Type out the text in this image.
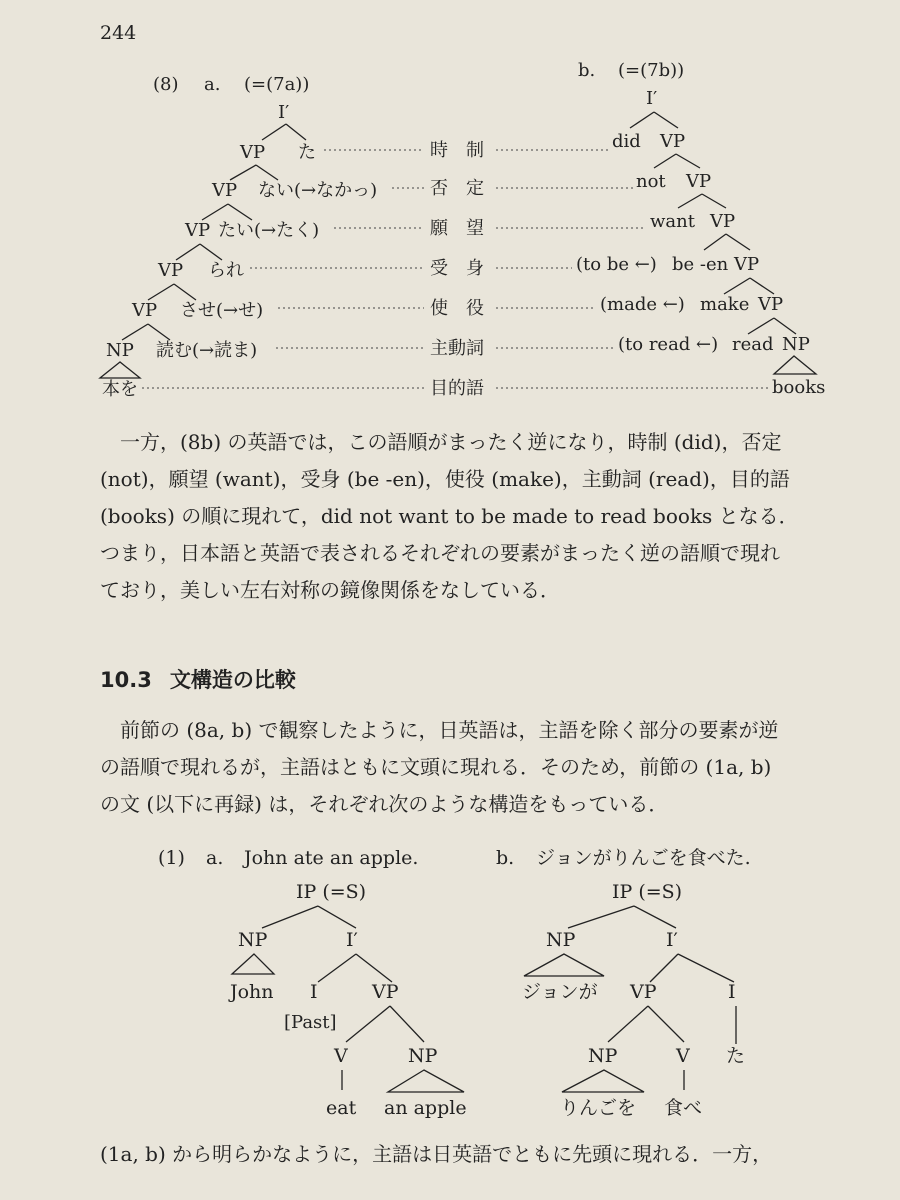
244
(8) a. (=(7a))
b. (=(7b))
I′
VP た
VP ない(→なかっ)
VP たい(→たく)
VP られ
VP させ(→せ)
NP 読む(→読ま)
本を
時　制
否　定
願　望
受　身
使　役
主動詞
目的語
I′
did VP
not VP
want VP
(to be ←) be -en VP
(made ←) make VP
(to read ←) read NP
books
(1) a. John ate an apple.	b. ジョンがりんごを食べた.
IP (=S)
NP	I′
John I	VP
[Past]
V	NP
eat an apple
IP (=S)
NP	I′
ジョンが VP	I
NP	V た
りんごを 食べ
一方，(8b) の英語では，この語順がまったく逆になり，時制 (did)，否定
(not)，願望 (want)，受身 (be -en)，使役 (make)，主動詞 (read)，目的語
(books) の順に現れて，did not want to be made to read books となる．
つまり，日本語と英語で表されるそれぞれの要素がまったく逆の語順で現れ
ており，美しい左右対称の鏡像関係をなしている．
10.3 文構造の比較
前節の (8a, b) で観察したように，日英語は，主語を除く部分の要素が逆
の語順で現れるが，主語はともに文頭に現れる．そのため，前節の (1a, b)
の文 (以下に再録) は，それぞれ次のような構造をもっている．
(1a, b) から明らかなように，主語は日英語でともに先頭に現れる．一方，
